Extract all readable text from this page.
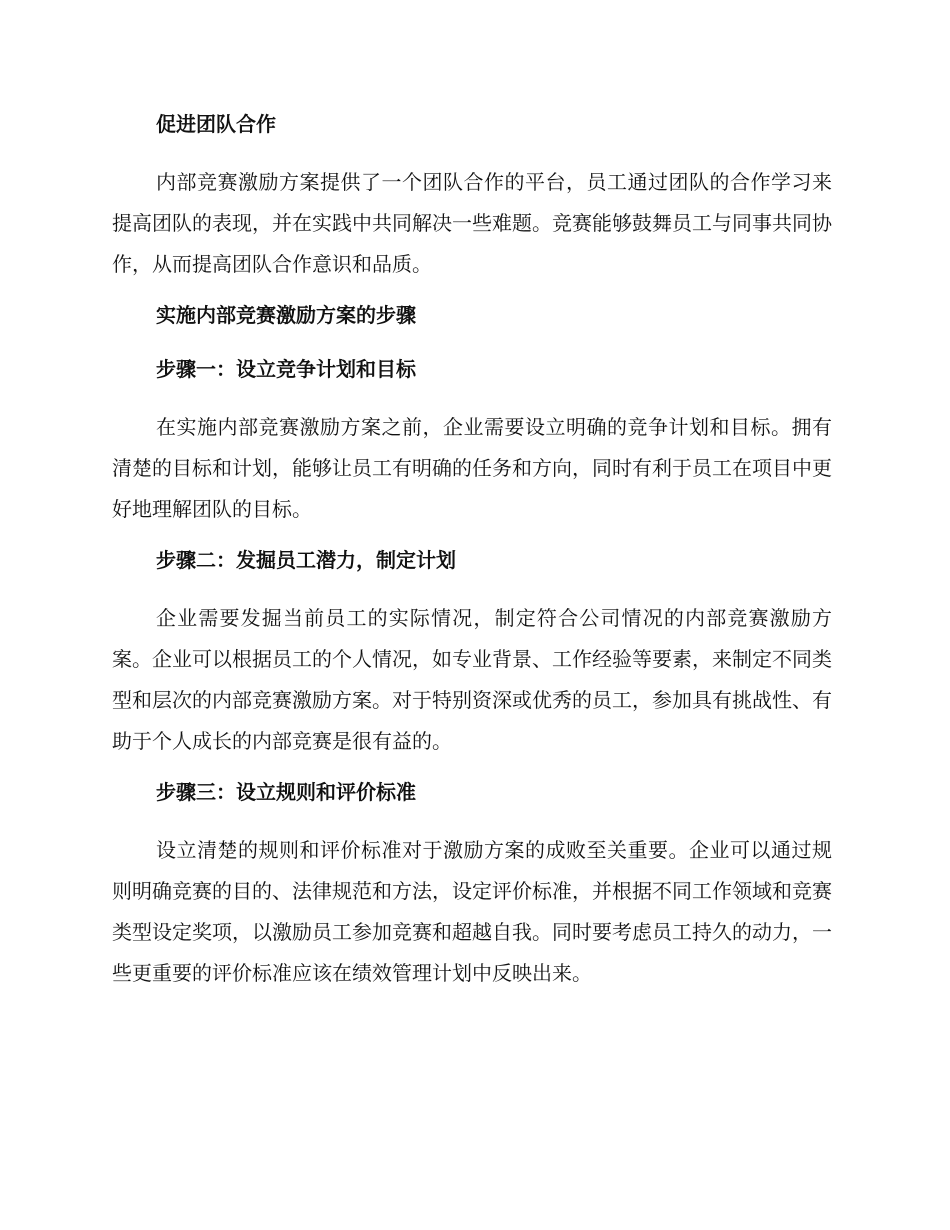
促进团队合作

内部竞赛激励方案提供了一个团队合作的平台，员工通过团队的合作学习来提高团队的表现，并在实践中共同解决一些难题。竞赛能够鼓舞员工与同事共同协作，从而提高团队合作意识和品质。

实施内部竞赛激励方案的步骤
步骤一：设立竞争计划和目标

在实施内部竞赛激励方案之前，企业需要设立明确的竞争计划和目标。拥有清楚的目标和计划，能够让员工有明确的任务和方向，同时有利于员工在项目中更好地理解团队的目标。

步骤二：发掘员工潜力，制定计划

企业需要发掘当前员工的实际情况，制定符合公司情况的内部竞赛激励方案。企业可以根据员工的个人情况，如专业背景、工作经验等要素，来制定不同类型和层次的内部竞赛激励方案。对于特别资深或优秀的员工，参加具有挑战性、有助于个人成长的内部竞赛是很有益的。

步骤三：设立规则和评价标准

设立清楚的规则和评价标准对于激励方案的成败至关重要。企业可以通过规则明确竞赛的目的、法律规范和方法，设定评价标准，并根据不同工作领域和竞赛类型设定奖项，以激励员工参加竞赛和超越自我。同时要考虑员工持久的动力，一些更重要的评价标准应该在绩效管理计划中反映出来。
